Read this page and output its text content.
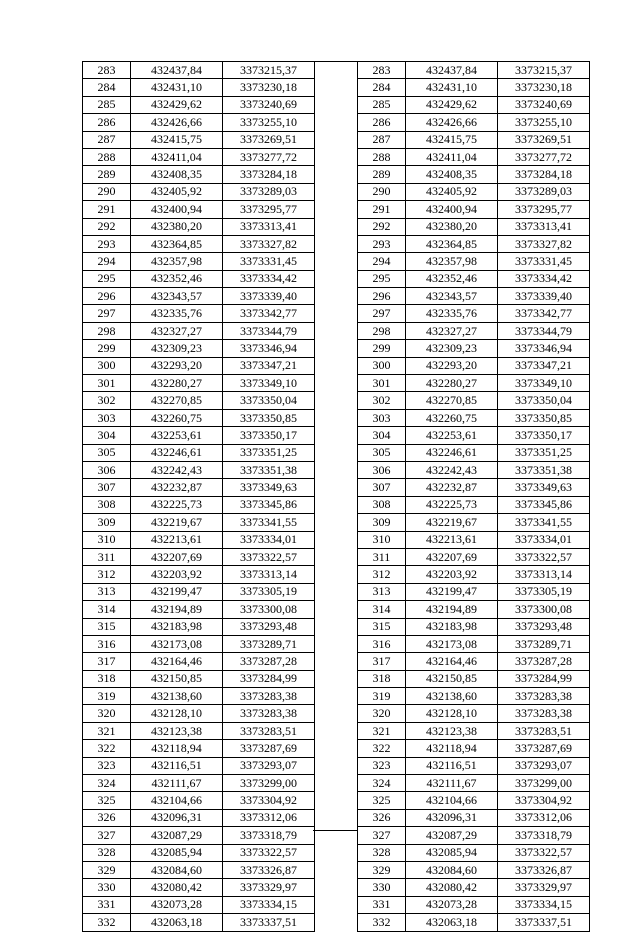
283	432437,84	3373215,37
284	432431,10	3373230,18
285	432429,62	3373240,69
286	432426,66	3373255,10
287	432415,75	3373269,51
288	432411,04	3373277,72
289	432408,35	3373284,18
290	432405,92	3373289,03
291	432400,94	3373295,77
292	432380,20	3373313,41
293	432364,85	3373327,82
294	432357,98	3373331,45
295	432352,46	3373334,42
296	432343,57	3373339,40
297	432335,76	3373342,77
298	432327,27	3373344,79
299	432309,23	3373346,94
300	432293,20	3373347,21
301	432280,27	3373349,10
302	432270,85	3373350,04
303	432260,75	3373350,85
304	432253,61	3373350,17
305	432246,61	3373351,25
306	432242,43	3373351,38
307	432232,87	3373349,63
308	432225,73	3373345,86
309	432219,67	3373341,55
310	432213,61	3373334,01
311	432207,69	3373322,57
312	432203,92	3373313,14
313	432199,47	3373305,19
314	432194,89	3373300,08
315	432183,98	3373293,48
316	432173,08	3373289,71
317	432164,46	3373287,28
318	432150,85	3373284,99
319	432138,60	3373283,38
320	432128,10	3373283,38
321	432123,38	3373283,51
322	432118,94	3373287,69
323	432116,51	3373293,07
324	432111,67	3373299,00
325	432104,66	3373304,92
326	432096,31	3373312,06
327	432087,29	3373318,79
328	432085,94	3373322,57
329	432084,60	3373326,87
330	432080,42	3373329,97
331	432073,28	3373334,15
332	432063,18	3373337,51
283	432437,84	3373215,37
284	432431,10	3373230,18
285	432429,62	3373240,69
286	432426,66	3373255,10
287	432415,75	3373269,51
288	432411,04	3373277,72
289	432408,35	3373284,18
290	432405,92	3373289,03
291	432400,94	3373295,77
292	432380,20	3373313,41
293	432364,85	3373327,82
294	432357,98	3373331,45
295	432352,46	3373334,42
296	432343,57	3373339,40
297	432335,76	3373342,77
298	432327,27	3373344,79
299	432309,23	3373346,94
300	432293,20	3373347,21
301	432280,27	3373349,10
302	432270,85	3373350,04
303	432260,75	3373350,85
304	432253,61	3373350,17
305	432246,61	3373351,25
306	432242,43	3373351,38
307	432232,87	3373349,63
308	432225,73	3373345,86
309	432219,67	3373341,55
310	432213,61	3373334,01
311	432207,69	3373322,57
312	432203,92	3373313,14
313	432199,47	3373305,19
314	432194,89	3373300,08
315	432183,98	3373293,48
316	432173,08	3373289,71
317	432164,46	3373287,28
318	432150,85	3373284,99
319	432138,60	3373283,38
320	432128,10	3373283,38
321	432123,38	3373283,51
322	432118,94	3373287,69
323	432116,51	3373293,07
324	432111,67	3373299,00
325	432104,66	3373304,92
326	432096,31	3373312,06
327	432087,29	3373318,79
328	432085,94	3373322,57
329	432084,60	3373326,87
330	432080,42	3373329,97
331	432073,28	3373334,15
332	432063,18	3373337,51
